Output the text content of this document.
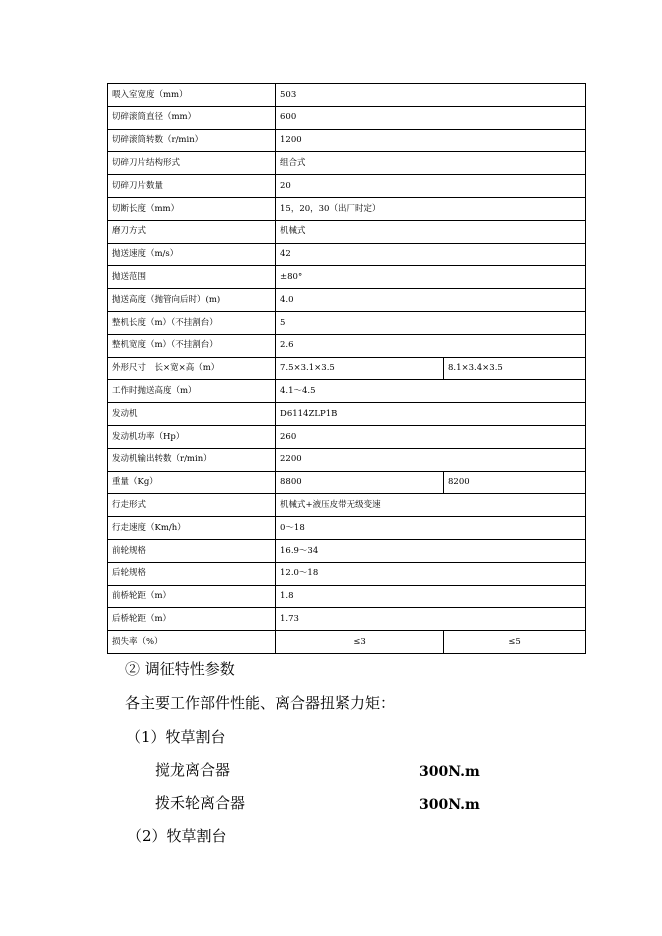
喂入室宽度（mm）	503	
切碎滚筒直径（mm）	600	
切碎滚筒转数（r/min）	1200	
切碎刀片结构形式	组合式	
切碎刀片数量	20	
切断长度（mm）	15，20，30（出厂时定）	
磨刀方式	机械式	
抛送速度（m/s）	42	
抛送范围	±80°	
抛送高度（抛管向后时）(m)	4.0	
整机长度（m）（不挂割台）	5	
整机宽度（m）（不挂割台）	2.6	
外形尺寸　长×宽×高（m）	7.5×3.1×3.5	8.1×3.4×3.5
工作时抛送高度（m）	4.1～4.5	
发动机	D6114ZLP1B	
发动机功率（Hp）	260	
发动机输出转数（r/min）	2200	
重量（Kg）	8800	8200
行走形式	机械式+液压皮带无级变速	
行走速度（Km/h）	0～18	
前轮规格	16.9～34	
后轮规格	12.0～18	
前桥轮距（m）	1.8	
后桥轮距（m）	1.73	
损失率（%）	≤3	≤5
② 调征特性参数
各主要工作部件性能、离合器扭紧力矩：
（1）牧草割台
搅龙离合器	300N.m
拨禾轮离合器	300N.m
（2）牧草割台
